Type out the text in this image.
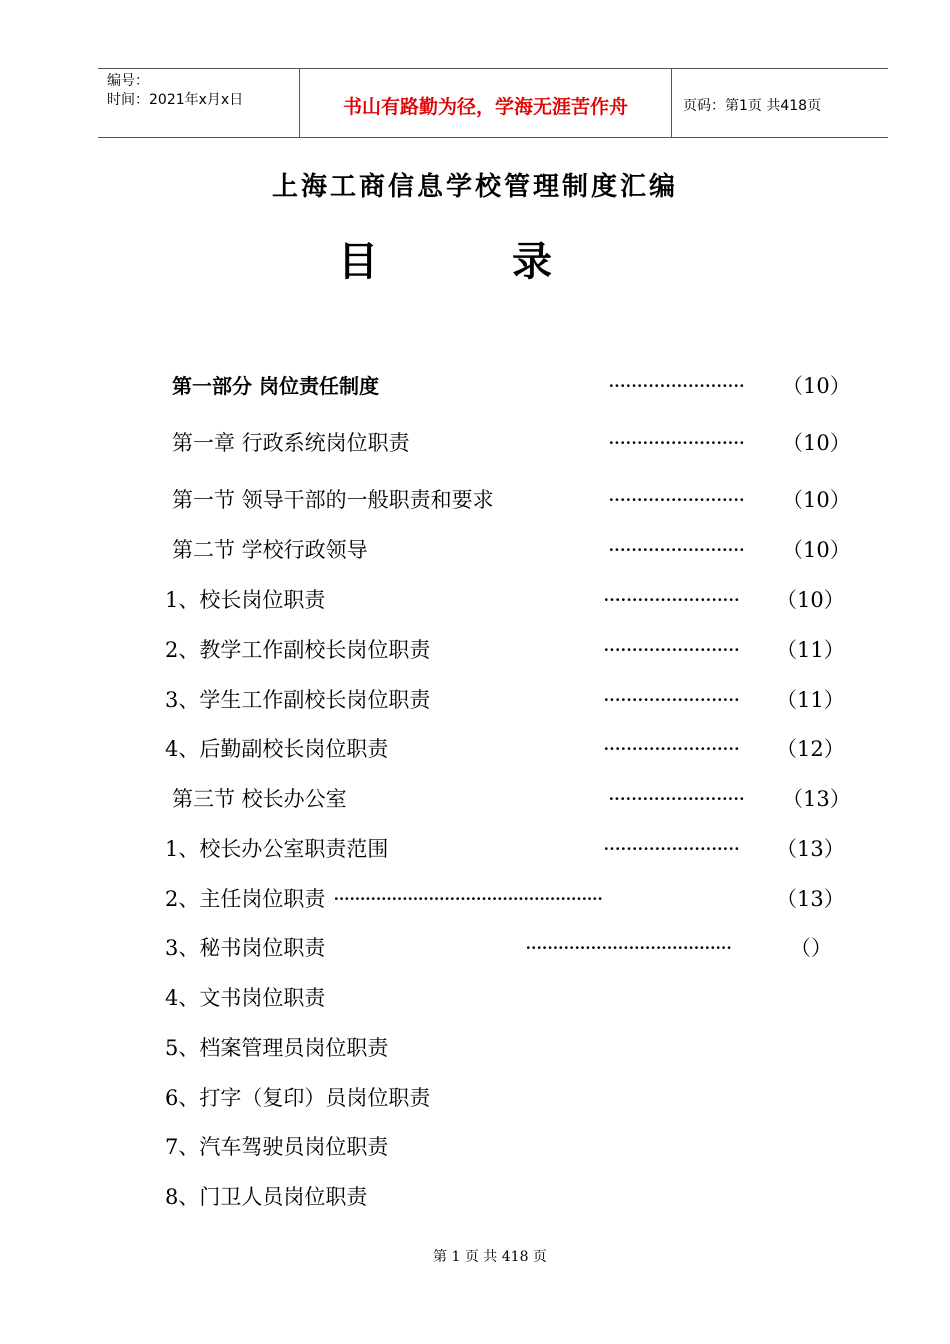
编号：
时间：2021年x月x日	书山有路勤为径，学海无涯苦作舟	页码：第1页 共418页
上海工商信息学校管理制度汇编
目 录
第一部分 岗位责任制度	························ （10）
第一章 行政系统岗位职责	························ （10）
第一节 领导干部的一般职责和要求	························ （10）
第二节 学校行政领导	························ （10）
1、校长岗位职责	························ （10）
2、教学工作副校长岗位职责	························ （11）
3、学生工作副校长岗位职责	························ （11）
4、后勤副校长岗位职责	························ （12）
第三节 校长办公室	························ （13）
1、校长办公室职责范围	························ （13）
2、主任岗位职责 ···················································	（13）
3、秘书岗位职责	······································	（）
4、文书岗位职责
5、档案管理员岗位职责
6、打字（复印）员岗位职责
7、汽车驾驶员岗位职责
8、门卫人员岗位职责
第 1 页 共 418 页
